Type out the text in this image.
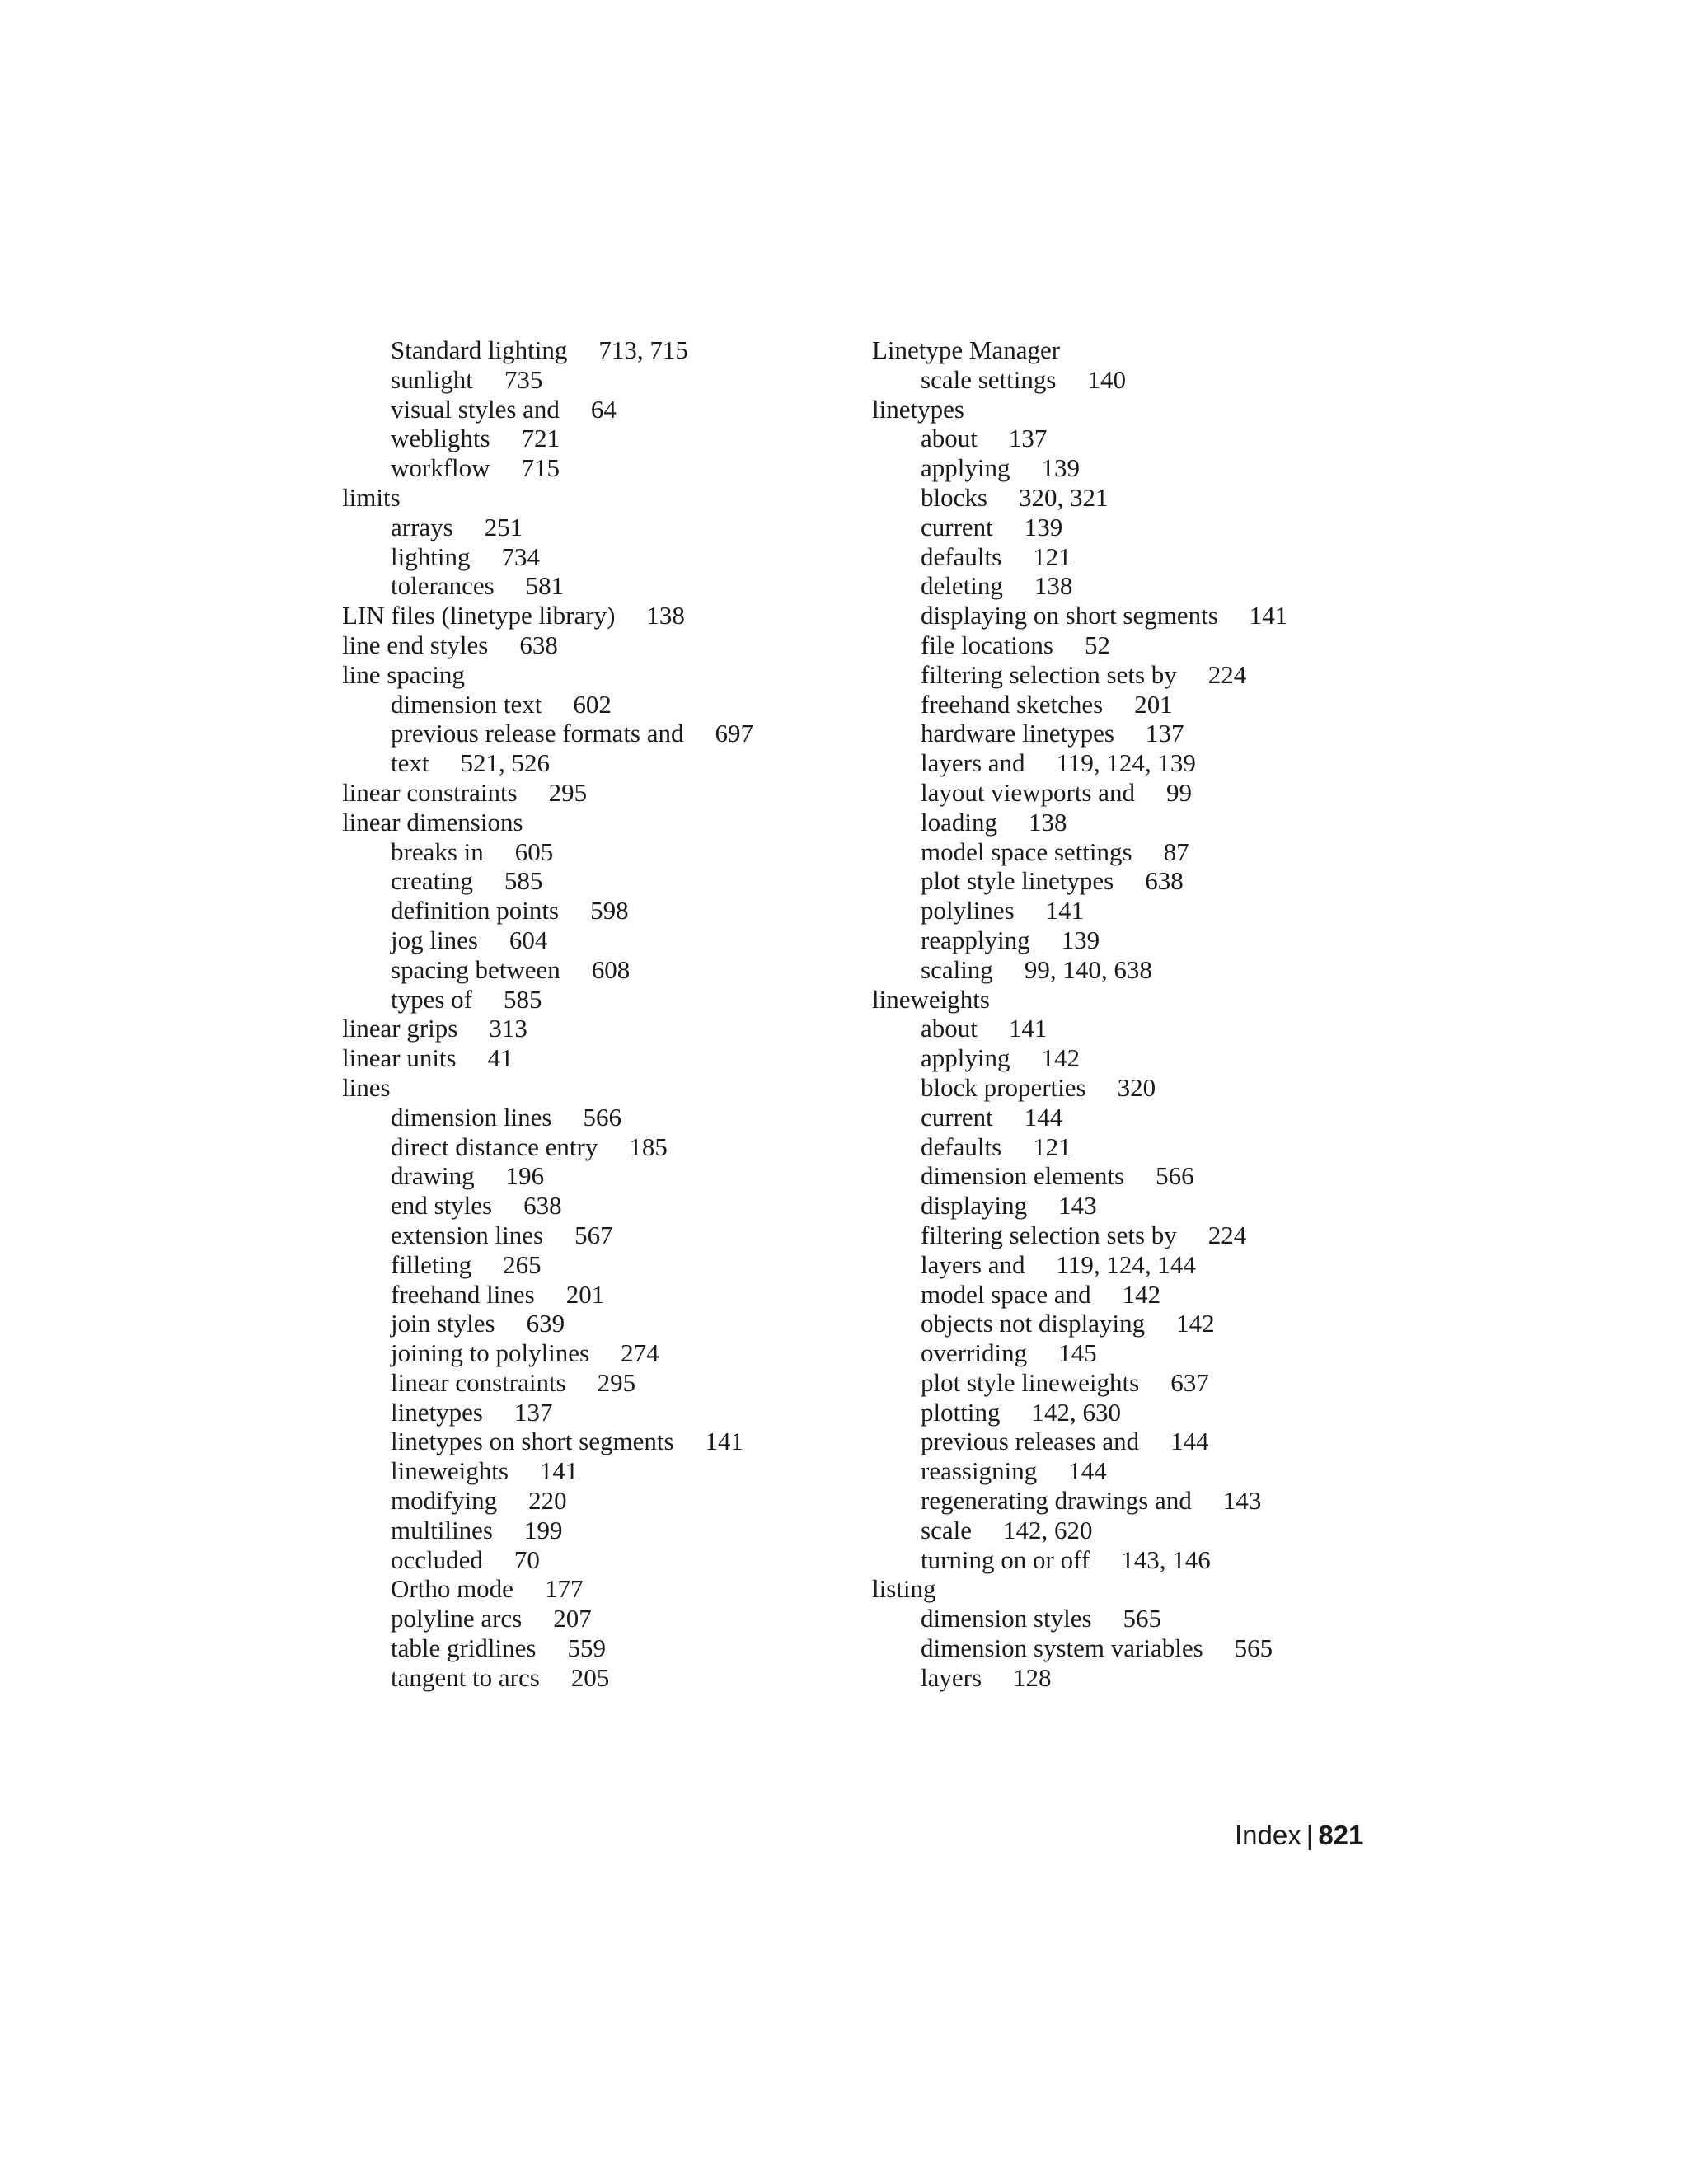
Standard lighting 713, 715
sunlight 735
visual styles and 64
weblights 721
workflow 715
limits
arrays 251
lighting 734
tolerances 581
LIN files (linetype library) 138
line end styles 638
line spacing
dimension text 602
previous release formats and 697
text 521, 526
linear constraints 295
linear dimensions
breaks in 605
creating 585
definition points 598
jog lines 604
spacing between 608
types of 585
linear grips 313
linear units 41
lines
dimension lines 566
direct distance entry 185
drawing 196
end styles 638
extension lines 567
filleting 265
freehand lines 201
join styles 639
joining to polylines 274
linear constraints 295
linetypes 137
linetypes on short segments 141
lineweights 141
modifying 220
multilines 199
occluded 70
Ortho mode 177
polyline arcs 207
table gridlines 559
tangent to arcs 205
Linetype Manager
scale settings 140
linetypes
about 137
applying 139
blocks 320, 321
current 139
defaults 121
deleting 138
displaying on short segments 141
file locations 52
filtering selection sets by 224
freehand sketches 201
hardware linetypes 137
layers and 119, 124, 139
layout viewports and 99
loading 138
model space settings 87
plot style linetypes 638
polylines 141
reapplying 139
scaling 99, 140, 638
lineweights
about 141
applying 142
block properties 320
current 144
defaults 121
dimension elements 566
displaying 143
filtering selection sets by 224
layers and 119, 124, 144
model space and 142
objects not displaying 142
overriding 145
plot style lineweights 637
plotting 142, 630
previous releases and 144
reassigning 144
regenerating drawings and 143
scale 142, 620
turning on or off 143, 146
listing
dimension styles 565
dimension system variables 565
layers 128
Index | 821
